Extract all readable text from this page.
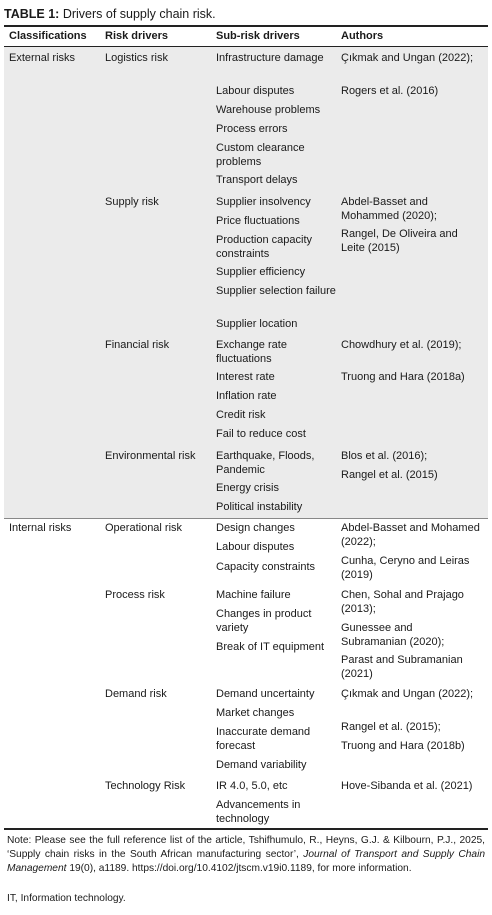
TABLE 1: Drivers of supply chain risk.
Classifications Risk drivers	Sub-risk drivers	Authors
External risks
Internal risks
Logistics risk
Supply risk
Financial risk
Environmental risk
Operational risk
Process risk
Demand risk
Technology Risk
Infrastructure damage
Labour disputes
Warehouse problems
Process errors
Custom clearance problems
Transport delays
Supplier insolvency
Price fluctuations
Production capacity constraints
Supplier efficiency
Supplier selection failure
Supplier location
Exchange rate fluctuations
Interest rate
Inflation rate
Credit risk
Fail to reduce cost
Earthquake, Floods, Pandemic
Energy crisis
Political instability
Design changes
Labour disputes
Capacity constraints
Machine failure
Changes in product variety
Break of IT equipment
Demand uncertainty
Market changes
Inaccurate demand forecast
Demand variability
IR 4.0, 5.0, etc
Advancements in technology
Çıkmak and Ungan (2022);
Rogers et al. (2016)
Abdel-Basset and Mohammed (2020);
Rangel, De Oliveira and Leite (2015)
Chowdhury et al. (2019);
Truong and Hara (2018a)
Blos et al. (2016);
Rangel et al. (2015)
Abdel-Basset and Mohamed (2022);
Cunha, Ceryno and Leiras (2019)
Chen, Sohal and Prajago (2013);
Gunessee and Subramanian (2020);
Parast and Subramanian (2021)
Çıkmak and Ungan (2022);
Rangel et al. (2015);
Truong and Hara (2018b)
Hove-Sibanda et al. (2021)
Note: Please see the full reference list of the article, Tshifhumulo, R., Heyns, G.J. & Kilbourn, P.J., 2025, ‘Supply chain risks in the South African manufacturing sector’, Journal of Transport and Supply Chain Management 19(0), a1189. https://doi.org/10.4102/jtscm.v19i0.1189, for more information.
IT, Information technology.
